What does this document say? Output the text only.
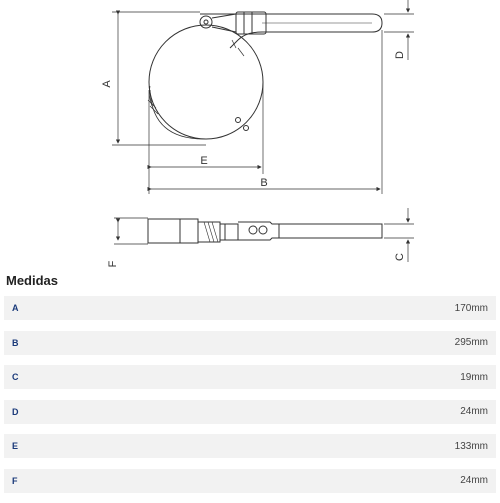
A
D
E
B
F
C
Medidas
A	170mm
B	295mm
C	19mm
D	24mm
E	133mm
F	24mm
